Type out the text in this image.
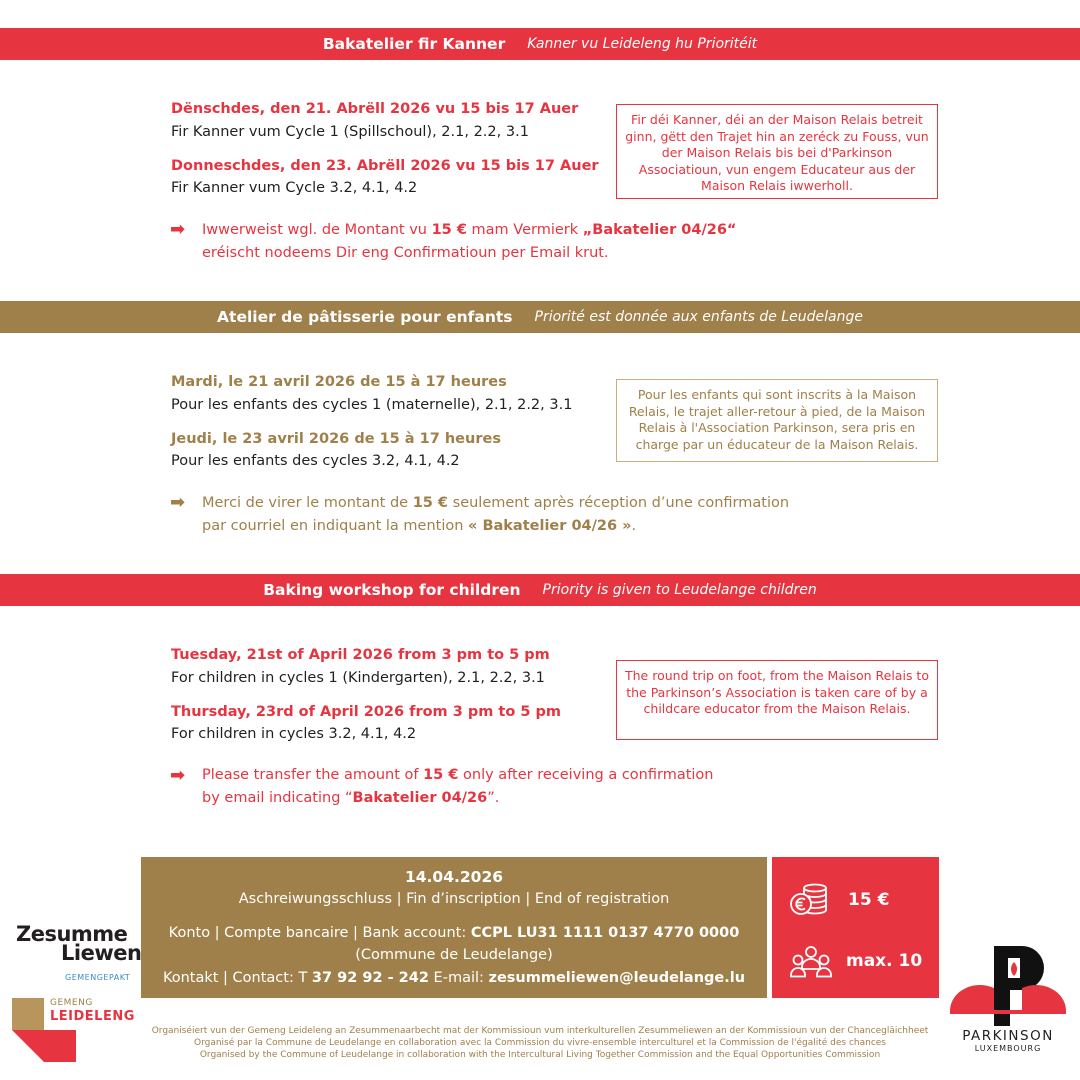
Bakatelier fir Kanner Kanner vu Leideleng hu Prioritéit
Dënschdes, den 21. Abrëll 2026 vu 15 bis 17 Auer
Fir Kanner vum Cycle 1 (Spillschoul), 2.1, 2.2, 3.1
Donneschdes, den 23. Abrëll 2026 vu 15 bis 17 Auer
Fir Kanner vum Cycle 3.2, 4.1, 4.2
Fir déi Kanner, déi an der Maison Relais betreit ginn, gëtt den Trajet hin an zeréck zu Fouss, vun der Maison Relais bis bei d'Parkinson Associatioun, vun engem Educateur aus der Maison Relais iwwerholl.
➡ Iwwerweist wgl. de Montant vu 15 € mam Vermierk „Bakatelier 04/26“
eréischt nodeems Dir eng Confirmatioun per Email krut.
Atelier de pâtisserie pour enfants Priorité est donnée aux enfants de Leudelange
Mardi, le 21 avril 2026 de 15 à 17 heures
Pour les enfants des cycles 1 (maternelle), 2.1, 2.2, 3.1
Jeudi, le 23 avril 2026 de 15 à 17 heures
Pour les enfants des cycles 3.2, 4.1, 4.2
Pour les enfants qui sont inscrits à la Maison Relais, le trajet aller-retour à pied, de la Maison Relais à l'Association Parkinson, sera pris en charge par un éducateur de la Maison Relais.
➡ Merci de virer le montant de 15 € seulement après réception d’une confirmation
par courriel en indiquant la mention « Bakatelier 04/26 ».
Baking workshop for children Priority is given to Leudelange children
Tuesday, 21st of April 2026 from 3 pm to 5 pm
For children in cycles 1 (Kindergarten), 2.1, 2.2, 3.1
Thursday, 23rd of April 2026 from 3 pm to 5 pm
For children in cycles 3.2, 4.1, 4.2
The round trip on foot, from the Maison Relais to the Parkinson’s Association is taken care of by a childcare educator from the Maison Relais.
➡ Please transfer the amount of 15 € only after receiving a confirmation
by email indicating “Bakatelier 04/26”.
14.04.2026
Aschreiwungsschluss | Fin d’inscription | End of registration
Konto | Compte bancaire | Bank account: CCPL LU31 1111 0137 4770 0000
(Commune de Leudelange)
Kontakt | Contact: T 37 92 92 - 242 E-mail: zesummeliewen@leudelange.lu
15 €
max. 10
Organiséiert vun der Gemeng Leideleng an Zesummenaarbecht mat der Kommissioun vum interkulturellen Zesummeliewen an der Kommissioun vun der Chancegläichheet
Organisé par la Commune de Leudelange en collaboration avec la Commission du vivre-ensemble interculturel et la Commission de l'égalité des chances
Organised by the Commune of Leudelange in collaboration with the Intercultural Living Together Commission and the Equal Opportunities Commission
Zesumme
Liewen
GEMENGEPAKT
GEMENG
LEIDELENG
PARKINSON
LUXEMBOURG
